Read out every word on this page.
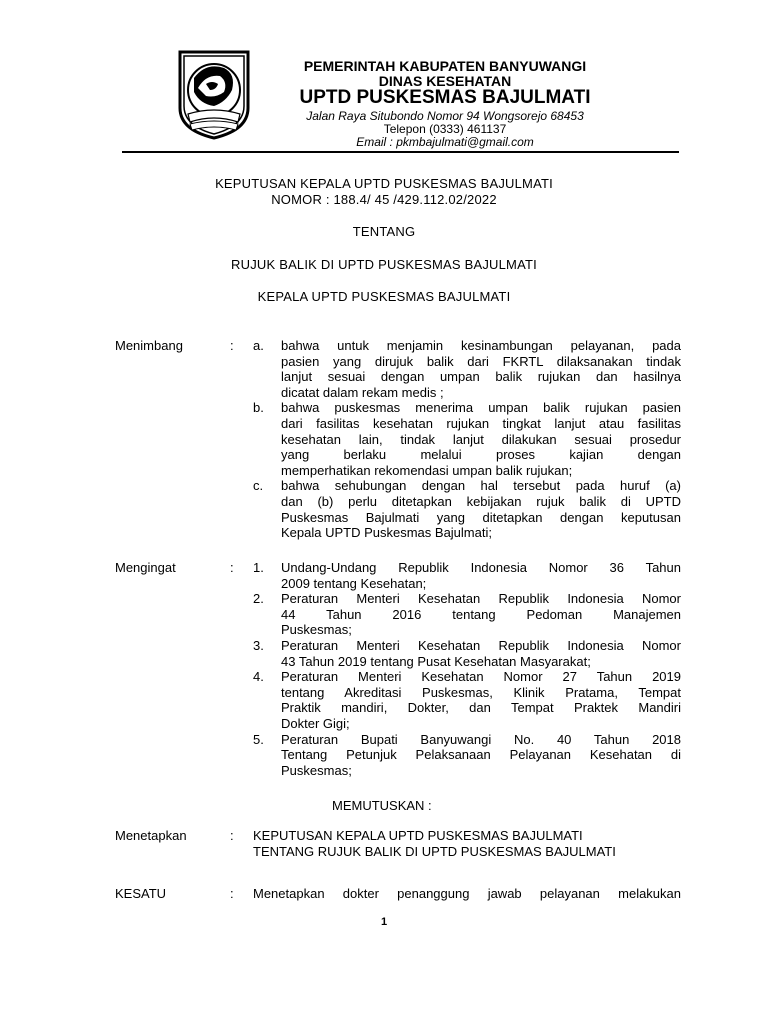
PEMERINTAH KABUPATEN BANYUWANGI
DINAS KESEHATAN
UPTD PUSKESMAS BAJULMATI
Jalan Raya Situbondo Nomor 94 Wongsorejo 68453
Telepon (0333) 461137
Email : pkmbajulmati@gmail.com
KEPUTUSAN KEPALA UPTD PUSKESMAS BAJULMATI
NOMOR : 188.4/ 45 /429.112.02/2022
TENTANG
RUJUK BALIK DI UPTD PUSKESMAS BAJULMATI
KEPALA UPTD PUSKESMAS BAJULMATI
Menimbang	: a.	bahwa untuk menjamin kesinambungan pelayanan, pada
pasien yang dirujuk balik dari FKRTL dilaksanakan tindak
lanjut sesuai dengan umpan balik rujukan dan hasilnya
dicatat dalam rekam medis ;
b.	bahwa puskesmas menerima umpan balik rujukan pasien
dari fasilitas kesehatan rujukan tingkat lanjut atau fasilitas
kesehatan lain, tindak lanjut dilakukan sesuai prosedur
yang berlaku melalui proses kajian dengan
memperhatikan rekomendasi umpan balik rujukan;
c.	bahwa sehubungan dengan hal tersebut pada huruf (a)
dan (b) perlu ditetapkan kebijakan rujuk balik di UPTD
Puskesmas Bajulmati yang ditetapkan dengan keputusan
Kepala UPTD Puskesmas Bajulmati;
Mengingat	: 1.	Undang-Undang Republik Indonesia Nomor 36 Tahun
2009 tentang Kesehatan;
2.	Peraturan Menteri Kesehatan Republik Indonesia Nomor
44 Tahun 2016 tentang Pedoman Manajemen
Puskesmas;
3.	Peraturan Menteri Kesehatan Republik Indonesia Nomor
43 Tahun 2019 tentang Pusat Kesehatan Masyarakat;
4.	Peraturan Menteri Kesehatan Nomor 27 Tahun 2019
tentang Akreditasi Puskesmas, Klinik Pratama, Tempat
Praktik mandiri, Dokter, dan Tempat Praktek Mandiri
Dokter Gigi;
5.	Peraturan Bupati Banyuwangi No. 40 Tahun 2018
Tentang Petunjuk Pelaksanaan Pelayanan Kesehatan di
Puskesmas;
MEMUTUSKAN :
Menetapkan	: KEPUTUSAN KEPALA UPTD PUSKESMAS BAJULMATI
TENTANG RUJUK BALIK DI UPTD PUSKESMAS BAJULMATI
KESATU	: Menetapkan dokter penanggung jawab pelayanan melakukan
1
